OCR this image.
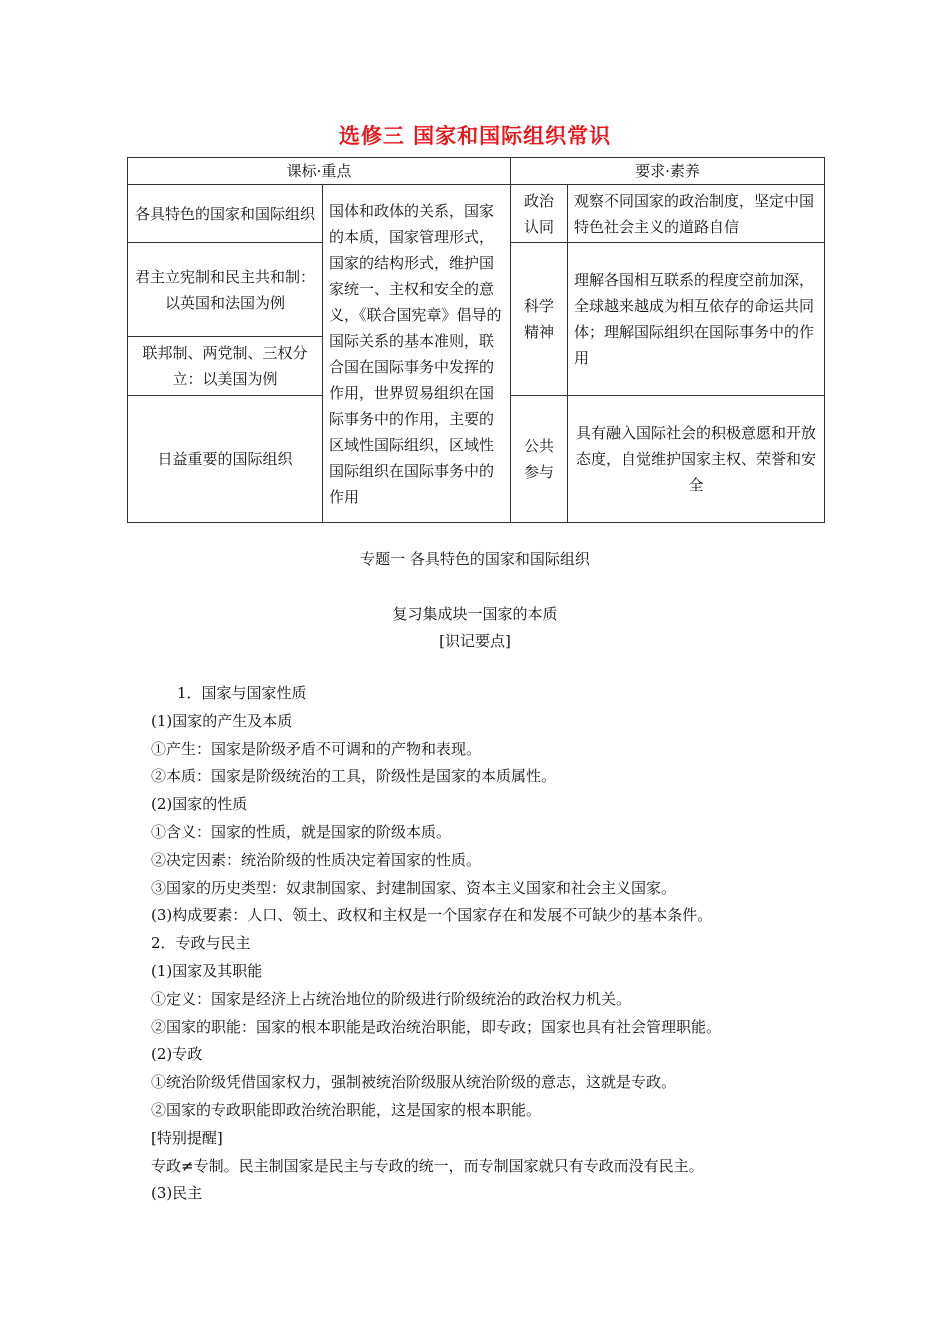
选修三 国家和国际组织常识
课标·重点		要求·素养	
各具特色的国家和国际组织	国体和政体的关系，国家的本质，国家管理形式，国家的结构形式，维护国家统一、主权和安全的意义，《联合国宪章》倡导的国际关系的基本准则，联合国在国际事务中发挥的作用，世界贸易组织在国际事务中的作用，主要的区域性国际组织，区域性国际组织在国际事务中的作用	政治认同	观察不同国家的政治制度，坚定中国特色社会主义的道路自信
君主立宪制和民主共和制：以英国和法国为例		科学精神	理解各国相互联系的程度空前加深，全球越来越成为相互依存的命运共同体；理解国际组织在国际事务中的作用
联邦制、两党制、三权分立：以美国为例			
日益重要的国际组织		公共参与	具有融入国际社会的积极意愿和开放态度，自觉维护国家主权、荣誉和安全
专题一 各具特色的国家和国际组织
复习集成块一国家的本质
[识记要点]
1．国家与国家性质
(1)国家的产生及本质
①产生：国家是阶级矛盾不可调和的产物和表现。
②本质：国家是阶级统治的工具，阶级性是国家的本质属性。
(2)国家的性质
①含义：国家的性质，就是国家的阶级本质。
②决定因素：统治阶级的性质决定着国家的性质。
③国家的历史类型：奴隶制国家、封建制国家、资本主义国家和社会主义国家。
(3)构成要素：人口、领土、政权和主权是一个国家存在和发展不可缺少的基本条件。
2．专政与民主
(1)国家及其职能
①定义：国家是经济上占统治地位的阶级进行阶级统治的政治权力机关。
②国家的职能：国家的根本职能是政治统治职能，即专政；国家也具有社会管理职能。
(2)专政
①统治阶级凭借国家权力，强制被统治阶级服从统治阶级的意志，这就是专政。
②国家的专政职能即政治统治职能，这是国家的根本职能。
[特别提醒]
专政≠专制。民主制国家是民主与专政的统一，而专制国家就只有专政而没有民主。
(3)民主
